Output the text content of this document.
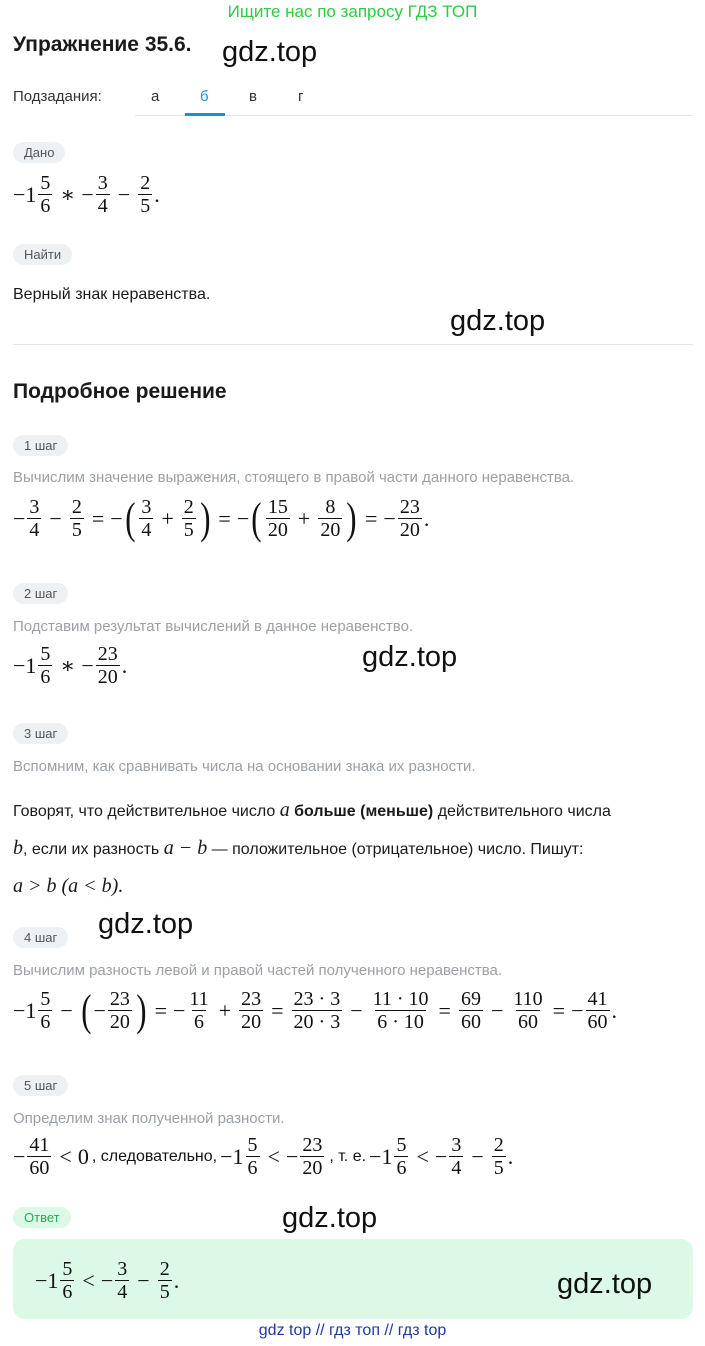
Ищите нас по запросу ГДЗ ТОП
Упражнение 35.6. gdz.top
Подзадания:	а	б	в	г
Дано
$-1 \frac{5}{6}$ ∗ − $\frac{3}{4} - \frac{2}{5}$ .
Найти
Верный знак неравенства.
gdz.top
Подробное решение
1 шаг
Вычислим значение выражения, стоящего в правой части данного неравенства.
− $\frac{3}{4} - \frac{2}{5}$ = − ( $\frac{3}{4} + \frac{2}{5}$ ) = − ( $\frac{15}{20} + \frac{8}{20}$ ) = − $\frac{23}{20}$ .
2 шаг
Подставим результат вычислений в данное неравенство.
$-1 \frac{5}{6}$ ∗ − $\frac{23}{20}$ .	gdz.top
3 шаг
Вспомним, как сравнивать числа на основании знака их разности.
Говорят, что действительное число a больше (меньше) действительного числа
b, если их разность a − b — положительное (отрицательное) число. Пишут:
a > b (a < b).
gdz.top
4 шаг
Вычислим разность левой и правой частей полученного неравенства.
$-1 \frac{5}{6}$ − ( − $\frac{23}{20}$ ) = − $\frac{11}{6} + \frac{23}{20} = \frac{23 \cdot 3}{20 \cdot 3} - \frac{11 \cdot 10}{6 \cdot 10} = \frac{69}{60} - \frac{110}{60}$ = − $\frac{41}{60}$ .
5 шаг
Определим знак полученной разности.
− $\frac{41}{60} < 0$ , следовательно, $-1 \frac{5}{6}$ < − $\frac{23}{20}$ , т. е. $-1 \frac{5}{6}$ < − $\frac{3}{4} - \frac{2}{5}$ .
Ответ	gdz.top
$-1 \frac{5}{6}$ < − $\frac{3}{4} - \frac{2}{5}$ .	gdz.top
gdz top // гдз топ // гдз top
